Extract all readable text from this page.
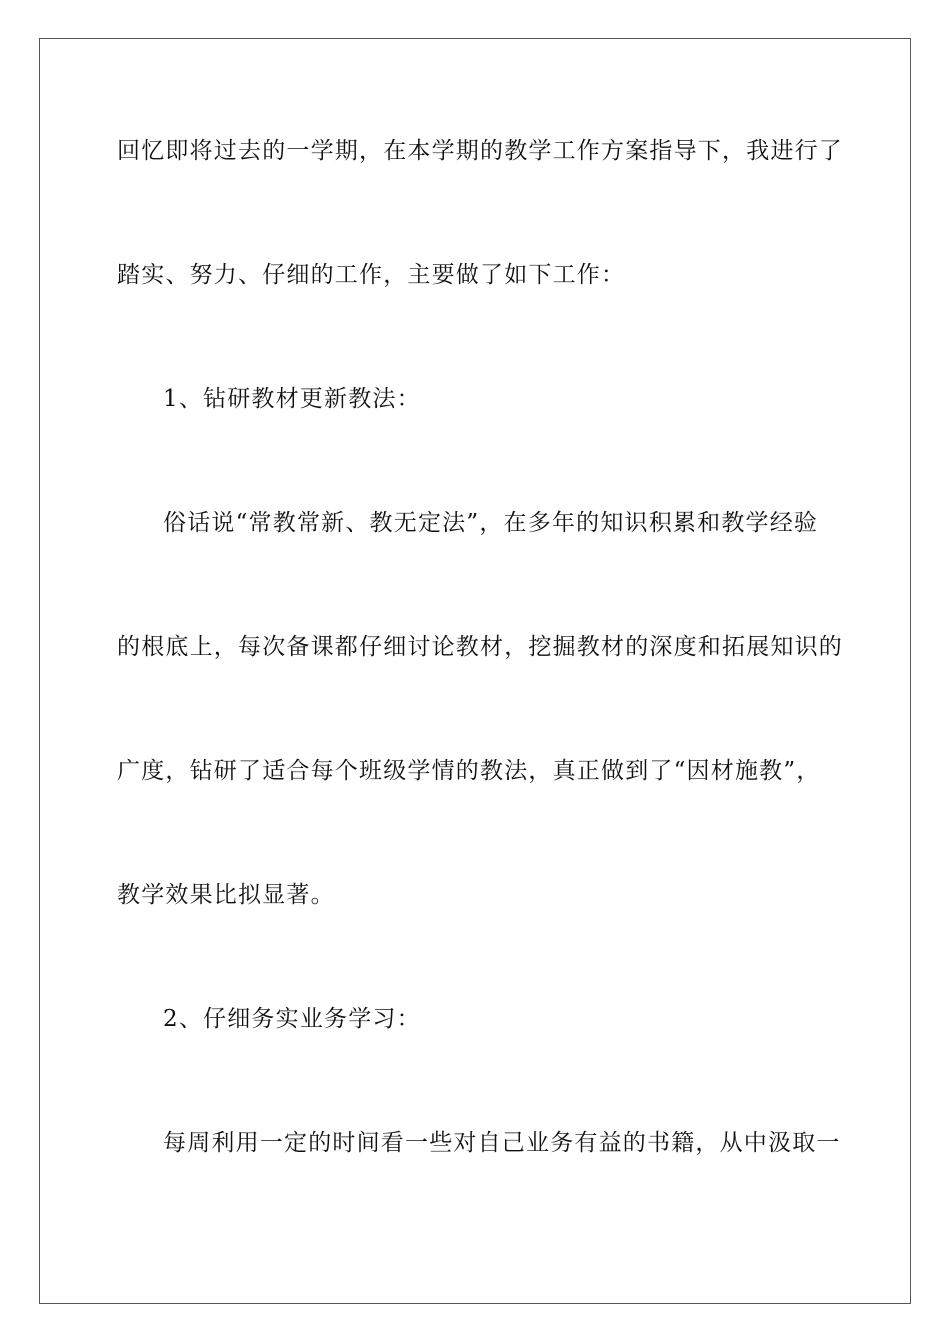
回忆即将过去的一学期，在本学期的教学工作方案指导下，我进行了
踏实、努力、仔细的工作，主要做了如下工作：
1、钻研教材更新教法：
俗话说“常教常新、教无定法”，在多年的知识积累和教学经验
的根底上，每次备课都仔细讨论教材，挖掘教材的深度和拓展知识的
广度，钻研了适合每个班级学情的教法，真正做到了“因材施教”，
教学效果比拟显著。
2、仔细务实业务学习：
每周利用一定的时间看一些对自己业务有益的书籍，从中汲取一
